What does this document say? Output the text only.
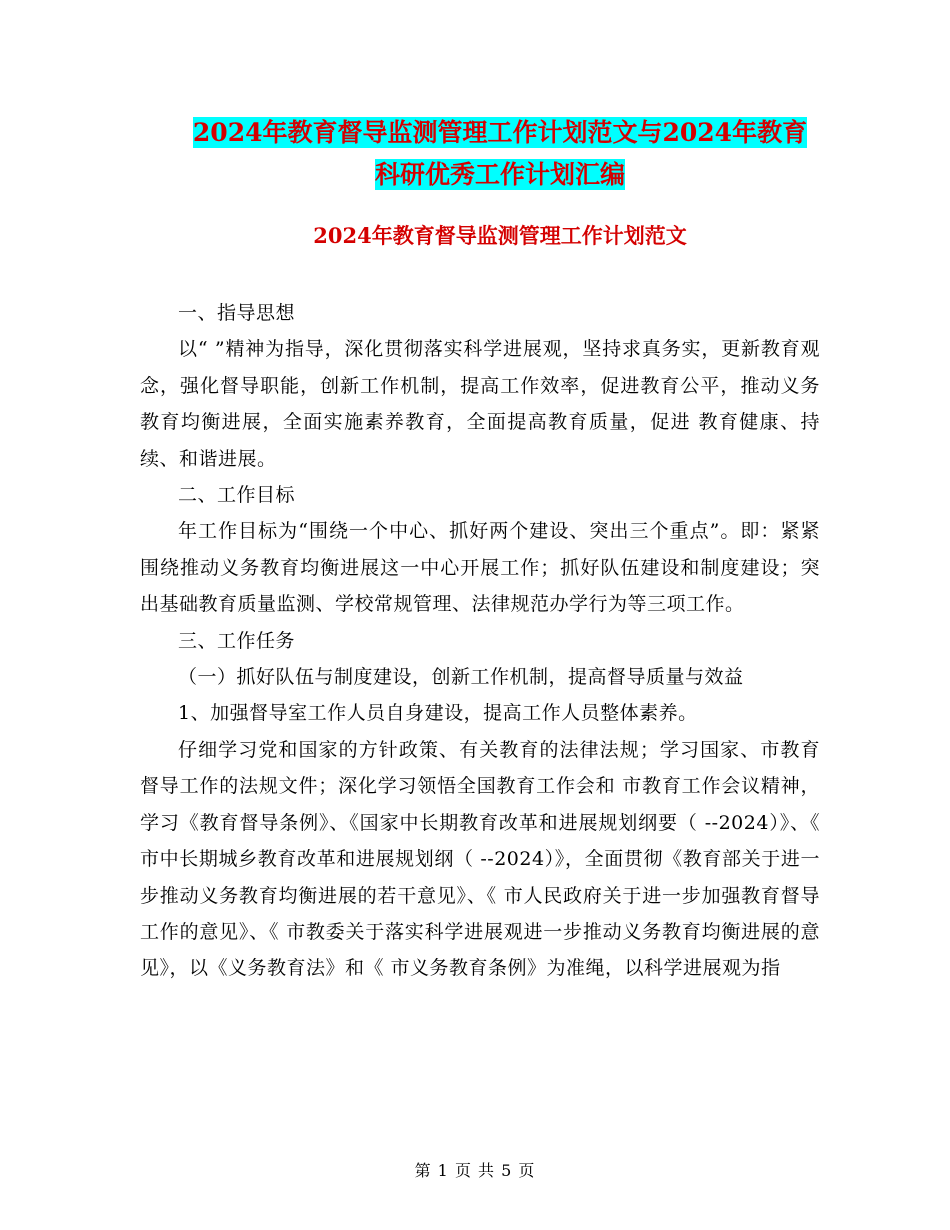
2024年教育督导监测管理工作计划范文与2024年教育
科研优秀工作计划汇编
2024年教育督导监测管理工作计划范文

一、指导思想

以“ ”精神为指导，深化贯彻落实科学进展观，坚持求真务实，更新教育观念，强化督导职能，创新工作机制，提高工作效率，促进教育公平，推动义务教育均衡进展，全面实施素养教育，全面提高教育质量，促进 教育健康、持续、和谐进展。

二、工作目标

年工作目标为“围绕一个中心、抓好两个建设、突出三个重点”。即：紧紧围绕推动义务教育均衡进展这一中心开展工作；抓好队伍建设和制度建设；突出基础教育质量监测、学校常规管理、法律规范办学行为等三项工作。

三、工作任务

（一）抓好队伍与制度建设，创新工作机制，提高督导质量与效益

1、加强督导室工作人员自身建设，提高工作人员整体素养。

仔细学习党和国家的方针政策、有关教育的法律法规；学习国家、市教育督导工作的法规文件；深化学习领悟全国教育工作会和 市教育工作会议精神，学习《教育督导条例》、《国家中长期教育改革和进展规划纲要（ --2024）》、《 市中长期城乡教育改革和进展规划纲（ --2024）》，全面贯彻《教育部关于进一步推动义务教育均衡进展的若干意见》、《 市人民政府关于进一步加强教育督导工作的意见》、《 市教委关于落实科学进展观进一步推动义务教育均衡进展的意见》，以《义务教育法》和《 市义务教育条例》为准绳，以科学进展观为指

第 1 页 共 5 页
